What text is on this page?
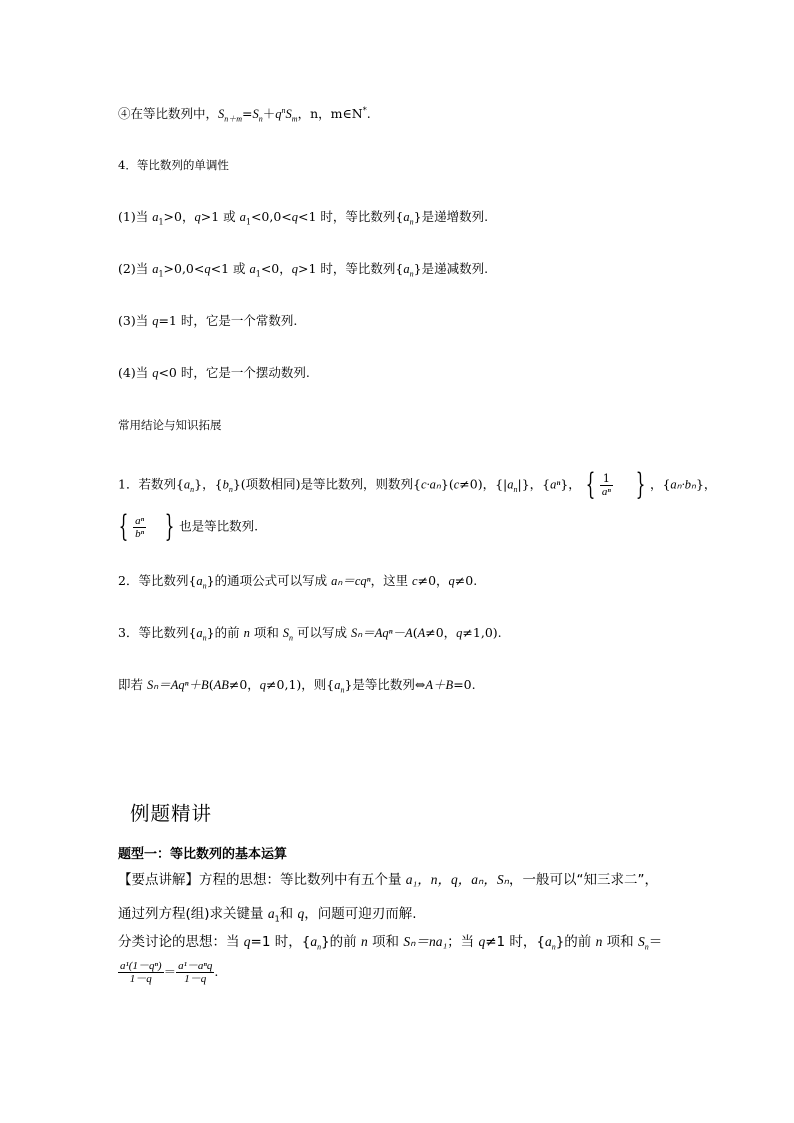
④在等比数列中，$S_{n+m}=S_n+q^nS_m$，n，m∈N*.
4．等比数列的单调性
(1)当 $a_1>0$，q>1 或 $a_1<0,0<q<1$ 时，等比数列$\{a_n\}$是递增数列.
(2)当 $a_1>0,0<q<1$ 或 $a_1<0$，q>1 时，等比数列$\{a_n\}$是递减数列.
(3)当 q=1 时，它是一个常数列.
(4)当 q<0 时，它是一个摆动数列.
常用结论与知识拓展
1．若数列$\{a_n\}$，$\{b_n\}$(项数相同)是等比数列，则数列{c·aₙ}(c≠0)，$\{|a_n|\}$，{aⁿ}， { $\frac{1}{\text{aⁿ}}$ } ，{aₙ·bₙ}，
{ $\frac{\text{aⁿ}}{\text{bⁿ}}$ } 也是等比数列.
2．等比数列$\{a_n\}$的通项公式可以写成 aₙ＝cqⁿ，这里 c≠0，q≠0.
3．等比数列$\{a_n\}$的前 n 项和 $S_n$ 可以写成 Sₙ＝Aqⁿ－A(A≠0，q≠1,0).
即若 Sₙ＝Aqⁿ＋B(AB≠0，q≠0,1)，则$\{a_n\}$是等比数列⇔A＋B=0.
例题精讲
题型一：等比数列的基本运算
【要点讲解】方程的思想：等比数列中有五个量 a₁，n，q，aₙ，Sₙ，一般可以“知三求二”，
通过列方程(组)求关键量 $a_1$和 q，问题可迎刃而解.
分类讨论的思想：当 q=1 时，$\{a_n\}$的前 n 项和 Sₙ＝na₁；当 q≠1 时，$\{a_n\}$的前 n 项和 $S_n=$
$\frac{\text{a¹(1－qⁿ)}}{1-q} = \frac{\text{a¹－aⁿq}}{1-q}$ .
